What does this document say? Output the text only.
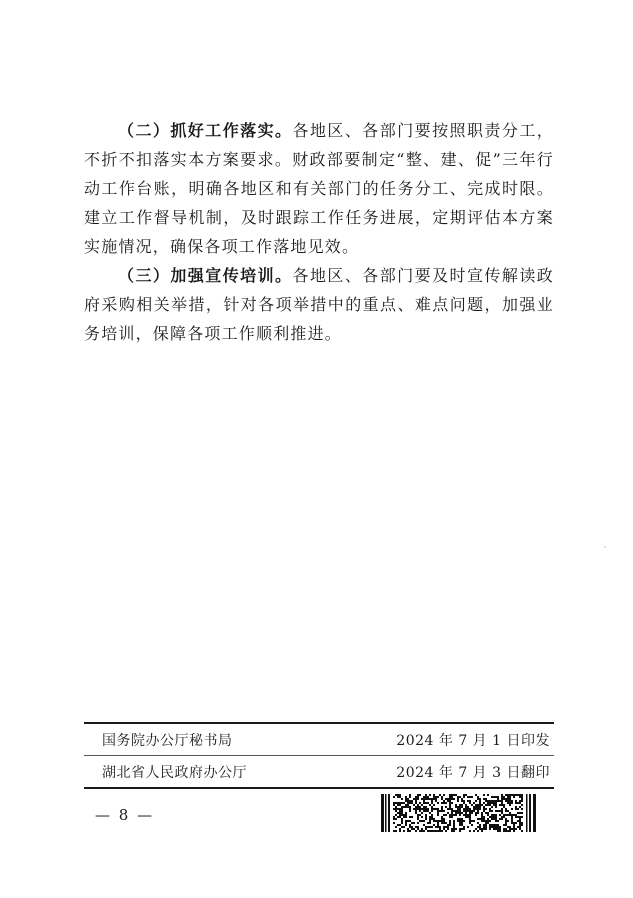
（二）抓好工作落实。各地区、各部门要按照职责分工，不折不扣落实本方案要求。财政部要制定“整、建、促”三年行动工作台账，明确各地区和有关部门的任务分工、完成时限。建立工作督导机制，及时跟踪工作任务进展，定期评估本方案实施情况，确保各项工作落地见效。

（三）加强宣传培训。各地区、各部门要及时宣传解读政府采购相关举措，针对各项举措中的重点、难点问题，加强业务培训，保障各项工作顺利推进。

国务院办公厅秘书局	2024 年 7 月 1 日印发
湖北省人民政府办公厅	2024 年 7 月 3 日翻印
— 8 —
